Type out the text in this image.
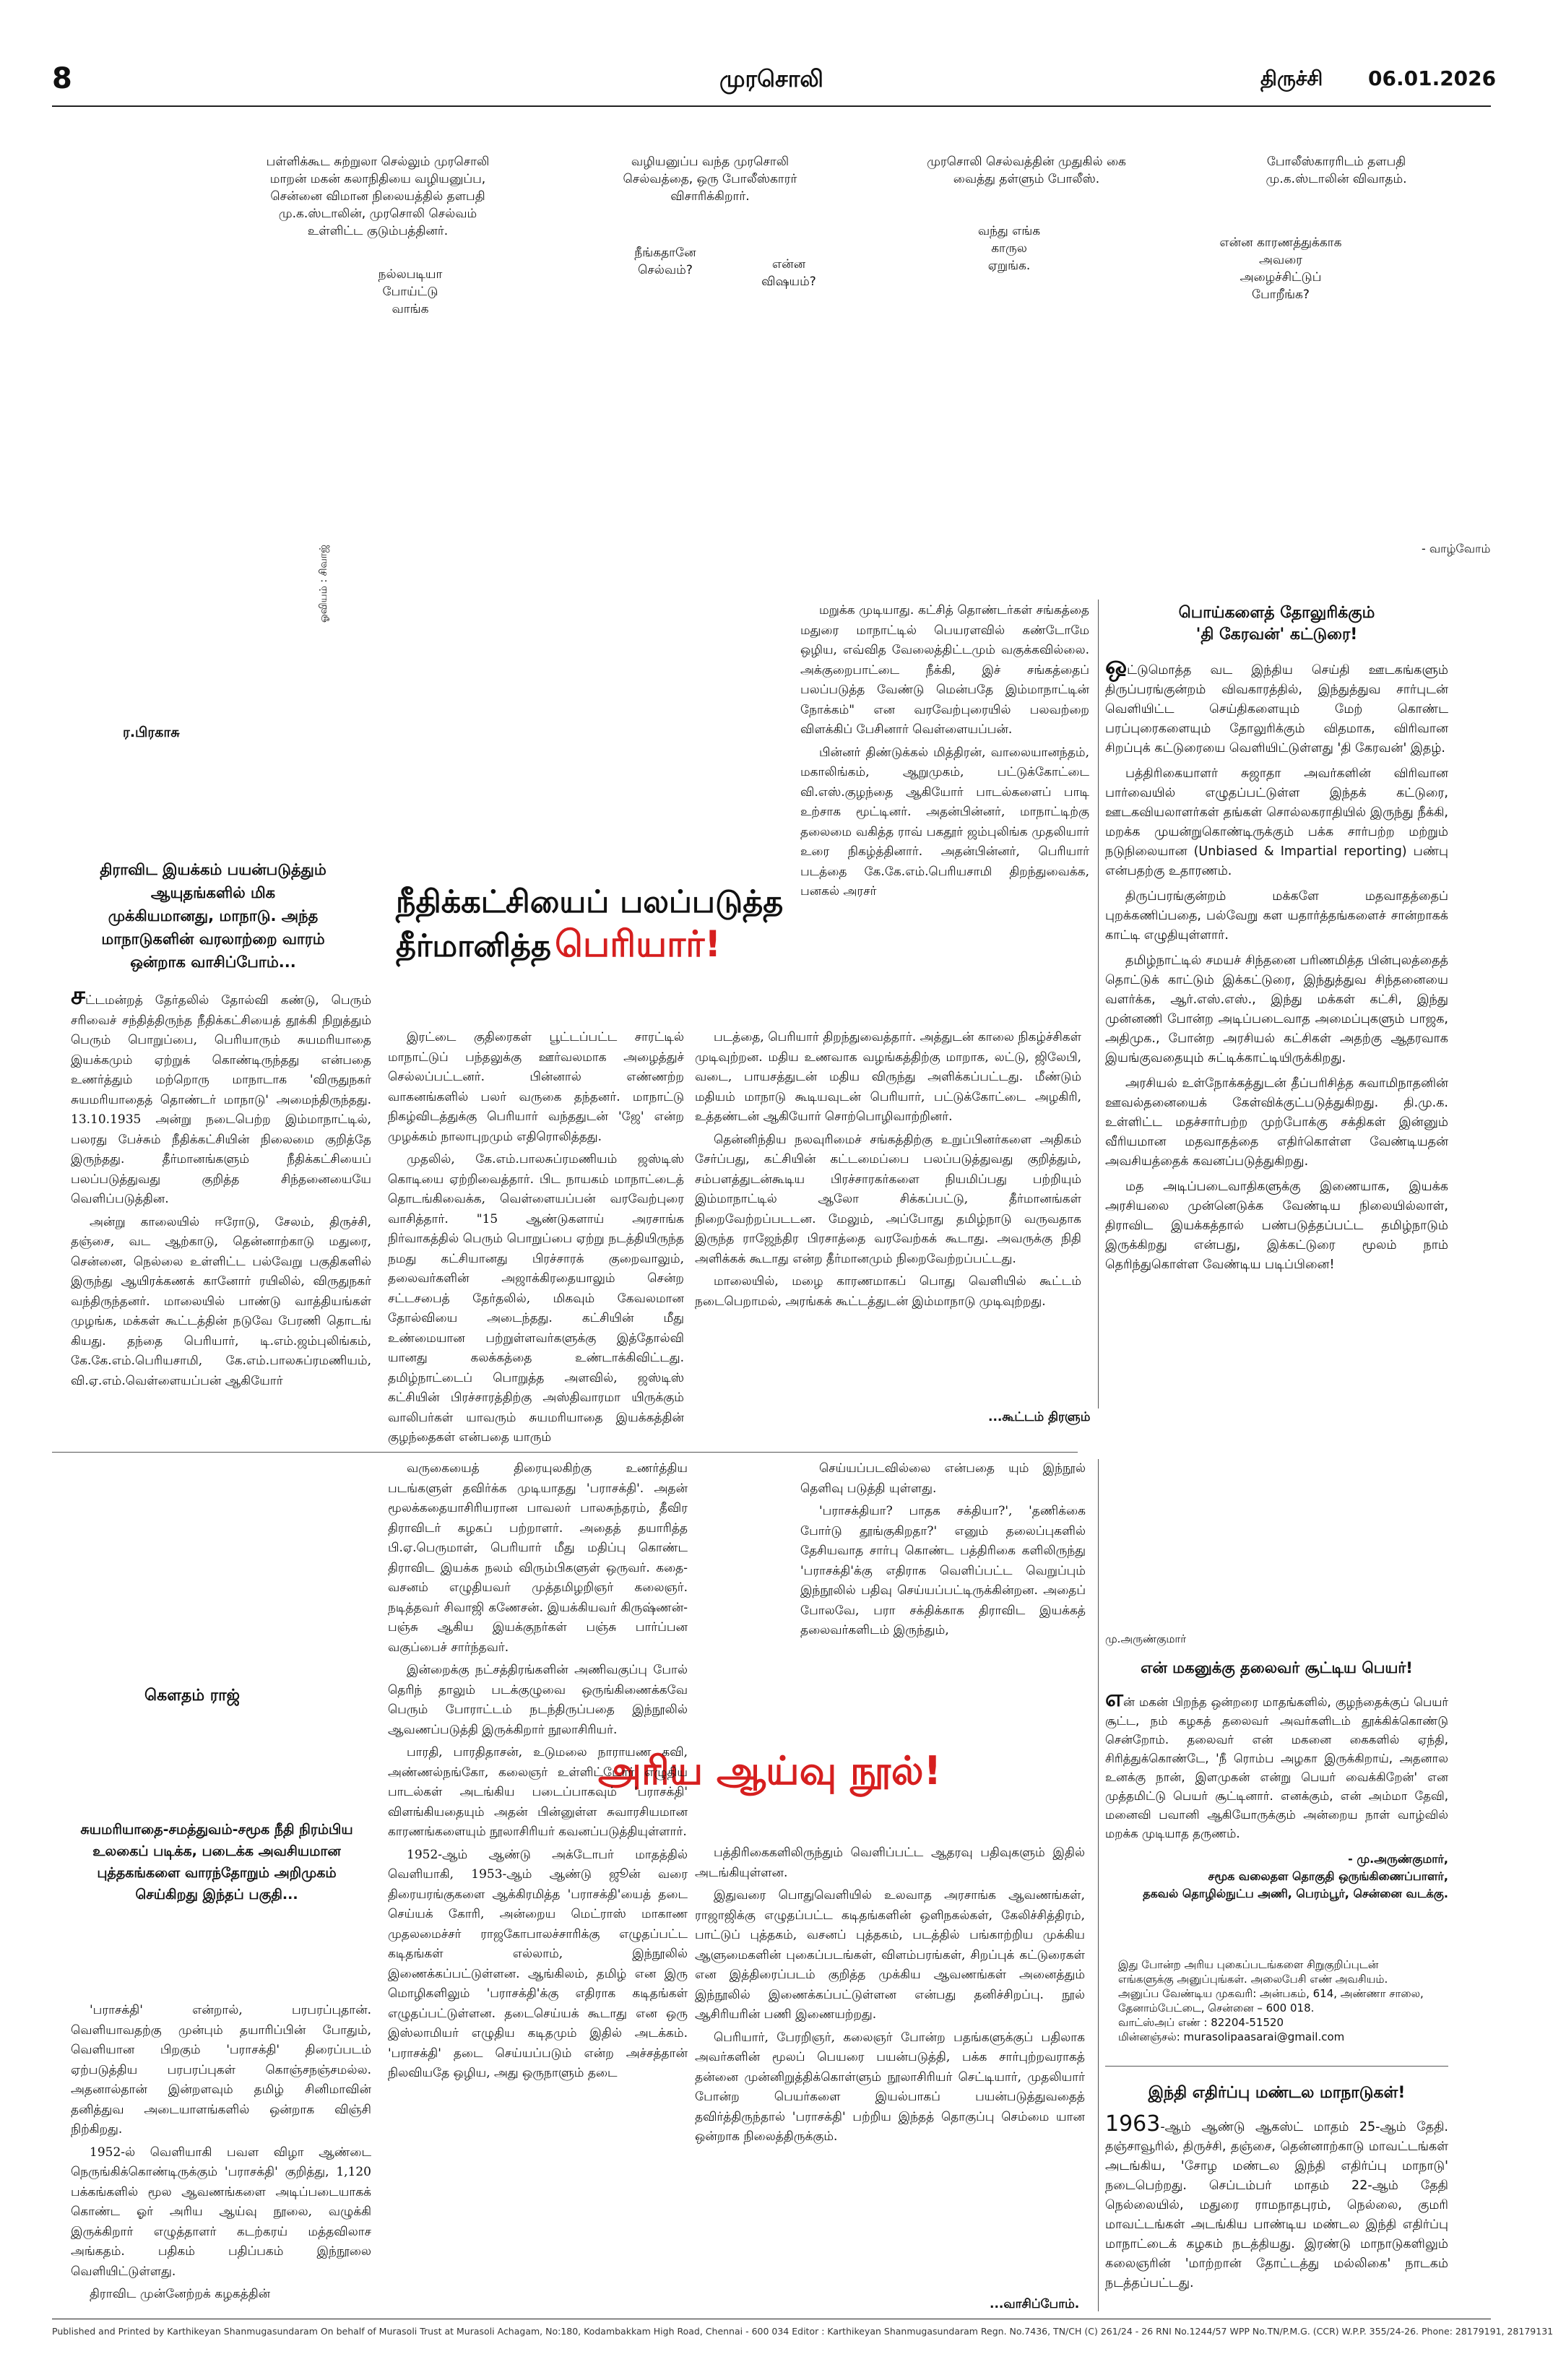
8	முரசொலி	திருச்சி 06.01.2026
பள்ளிக்கூட சுற்றுலா செல்லும் முரசொலி மாறன் மகன் கலாநிதியை வழியனுப்ப, சென்னை விமான நிலையத்தில் தளபதி மு.க.ஸ்டாலின், முரசொலி செல்வம் உள்ளிட்ட குடும்பத்தினர்.
நல்லபடியா போய்ட்டு வாங்க
வழியனுப்ப வந்த முரசொலி செல்வத்தை, ஒரு போலீஸ்காரர் விசாரிக்கிறார்.
நீங்கதானே செல்வம்?	என்ன விஷயம்?
முரசொலி செல்வத்தின் முதுகில் கை வைத்து தள்ளும் போலீஸ்.
வந்து எங்க காருல ஏறுங்க.
போலீஸ்காரரிடம் தளபதி மு.க.ஸ்டாலின் விவாதம்.
என்ன காரணத்துக்காக அவரை அழைச்சிட்டுப் போறீங்க?
- வாழ்வோம்
ஓவியம் : சிவாஜ்
ர.பிரகாசு
திராவிட இயக்கம் பயன்படுத்தும் ஆயுதங்களில் மிக முக்கியமானது, மாநாடு. அந்த மாநாடுகளின் வரலாற்றை வாரம் ஒன்றாக வாசிப்போம்...
நீதிக்கட்சியைப் பலப்படுத்த
தீர்மானித்த பெரியார்!

சட்டமன்றத் தேர்தலில் தோல்வி கண்டு, பெரும் சரிவைச் சந்தித்திருந்த நீதிக்கட்சியைத் தூக்கி நிறுத்தும் பெரும் பொறுப்பை, பெரியாரும் சுயமரியாதை இயக்கமும் ஏற்றுக் கொண்டிருந்தது என்பதை உணர்த்தும் மற்றொரு மாநாடாக 'விருதுநகர் சுயமரியாதைத் தொண்டர் மாநாடு' அமைந்திருந்தது. 13.10.1935 அன்று நடைபெற்ற இம்மாநாட்டில், பலரது பேச்சும் நீதிக்கட்சியின் நிலைமை குறித்தே இருந்தது. தீர்மானங்களும் நீதிக்கட்சியைப் பலப்படுத்துவது குறித்த சிந்தனையையே வெளிப்படுத்தின.

அன்று காலையில் ஈரோடு, சேலம், திருச்சி, தஞ்சை, வட ஆற்காடு, தென்னாற்காடு மதுரை, சென்னை, நெல்லை உள்ளிட்ட பல்வேறு பகுதிகளில் இருந்து ஆயிரக்கணக் கானோர் ரயிலில், விருதுநகர் வந்திருந்தனர். மாலையில் பாண்டு வாத்தியங்கள் முழங்க, மக்கள் கூட்டத்தின் நடுவே பேரணி தொடங் கியது. தந்தை பெரியார், டி.எம்.ஜம்புலிங்கம், கே.கே.எம்.பெரியசாமி, கே.எம்.பாலசுப்ரமணியம், வி.ஏ.எம்.வெள்ளையப்பன் ஆகியோர்

இரட்டை குதிரைகள் பூட்டப்பட்ட சாரட்டில் மாநாட்டுப் பந்தலுக்கு ஊர்வலமாக அழைத்துச் செல்லப்பட்டனர். பின்னால் எண்ணற்ற வாகனங்களில் பலர் வருகை தந்தனர். மாநாட்டு நிகழ்விடத்துக்கு பெரியார் வந்ததுடன் 'ஜே' என்ற முழக்கம் நாலாபுறமும் எதிரொலித்தது.

முதலில், கே.எம்.பாலசுப்ரமணியம் ஜஸ்டிஸ் கொடியை ஏற்றிவைத்தார். பிட நாயகம் மாநாட்டைத் தொடங்கிவைக்க, வெள்ளையப்பன் வரவேற்புரை வாசித்தார். "15 ஆண்டுகளாய் அரசாங்க நிர்வாகத்தில் பெரும் பொறுப்பை ஏற்று நடத்தியிருந்த நமது கட்சியானது பிரச்சாரக் குறைவாலும், தலைவர்களின் அஜாக்கிரதையாலும் சென்ற சட்டசபைத் தேர்தலில், மிகவும் கேவலமான தோல்வியை அடைந்தது. கட்சியின் மீது உண்மையான பற்றுள்ளவர்களுக்கு இத்தோல்வி யானது கலக்கத்தை உண்டாக்கிவிட்டது. தமிழ்நாட்டைப் பொறுத்த அளவில், ஜஸ்டிஸ் கட்சியின் பிரச்சாரத்திற்கு அஸ்திவாரமா யிருக்கும் வாலிபர்கள் யாவரும் சுயமரியாதை இயக்கத்தின் குழந்தைகள் என்பதை யாரும்

மறுக்க முடியாது. கட்சித் தொண்டர்கள் சங்கத்தை மதுரை மாநாட்டில் பெயரளவில் கண்டோமே ஒழிய, எவ்வித வேலைத்திட்டமும் வகுக்கவில்லை. அக்குறைபாட்டை நீக்கி, இச் சங்கத்தைப் பலப்படுத்த வேண்டு மென்பதே இம்மாநாட்டின் நோக்கம்" என வரவேற்புரையில் பலவற்றை விளக்கிப் பேசினார் வெள்ளையப்பன்.

பின்னர் திண்டுக்கல் மித்திரன், வாலையானந்தம், மகாலிங்கம், ஆறுமுகம், பட்டுக்கோட்டை வி.எஸ்.குழந்தை ஆகியோர் பாடல்களைப் பாடி உற்சாக மூட்டினர். அதன்பின்னர், மாநாட்டிற்கு தலைமை வகித்த ராவ் பகதூர் ஜம்புலிங்க முதலியார் உரை நிகழ்த்தினார். அதன்பின்னர், பெரியார் படத்தை கே.கே.எம்.பெரியசாமி திறந்துவைக்க, பனகல் அரசர்

படத்தை, பெரியார் திறந்துவைத்தார். அத்துடன் காலை நிகழ்ச்சிகள் முடிவுற்றன. மதிய உணவாக வழங்கத்திற்கு மாறாக, லட்டு, ஜிலேபி, வடை, பாயசத்துடன் மதிய விருந்து அளிக்கப்பட்டது. மீண்டும் மதியம் மாநாடு கூடியவுடன் பெரியார், பட்டுக்கோட்டை அழகிரி, உத்தண்டன் ஆகியோர் சொற்பொழிவாற்றினர்.

தென்னிந்திய நலவுரிமைச் சங்கத்திற்கு உறுப்பினர்களை அதிகம் சேர்ப்பது, கட்சியின் கட்டமைப்பை பலப்படுத்துவது குறித்தும், சம்பளத்துடன்கூடிய பிரச்சாரகர்களை நியமிப்பது பற்றியும் இம்மாநாட்டில் ஆலோ சிக்கப்பட்டு, தீர்மானங்கள் நிறைவேற்றப்படடன. மேலும், அப்போது தமிழ்நாடு வருவதாக இருந்த ராஜேந்திர பிரசாத்தை வரவேற்கக் கூடாது. அவருக்கு நிதி அளிக்கக் கூடாது என்ற தீர்மானமும் நிறைவேற்றப்பட்டது.

மாலையில், மழை காரணமாகப் பொது வெளியில் கூட்டம் நடைபெறாமல், அரங்கக் கூட்டத்துடன் இம்மாநாடு முடிவுற்றது.

...கூட்டம் திரளும்
பொய்களைத் தோலுரிக்கும்
'தி கேரவன்' கட்டுரை!

ஒட்டுமொத்த வட இந்திய செய்தி ஊடகங்களும் திருப்பரங்குன்றம் விவகாரத்தில், இந்துத்துவ சார்புடன் வெளியிட்ட செய்திகளையும் மேற் கொண்ட பரப்புரைகளையும் தோலுரிக்கும் விதமாக, விரிவான சிறப்புக் கட்டுரையை வெளியிட்டுள்ளது 'தி கேரவன்' இதழ்.

பத்திரிகையாளர் சுஜாதா அவர்களின் விரிவான பார்வையில் எழுதப்பட்டுள்ள இந்தக் கட்டுரை, ஊடகவியலாளர்கள் தங்கள் சொல்லகராதியில் இருந்து நீக்கி, மறக்க முயன்றுகொண்டிருக்கும் பக்க சார்பற்ற மற்றும் நடுநிலையான (Unbiased & Impartial reporting) பண்பு என்பதற்கு உதாரணம்.

திருப்பரங்குன்றம் மக்களே மதவாதத்தைப் புறக்கணிப்பதை, பல்வேறு கள யதார்த்தங்களைச் சான்றாகக் காட்டி எழுதியுள்ளார்.

தமிழ்நாட்டில் சமயச் சிந்தனை பரிணமித்த பின்புலத்தைத் தொட்டுக் காட்டும் இக்கட்டுரை, இந்துத்துவ சிந்தனையை வளர்க்க, ஆர்.எஸ்.எஸ்., இந்து மக்கள் கட்சி, இந்து முன்னணி போன்ற அடிப்படைவாத அமைப்புகளும் பாஜக, அதிமுக., போன்ற அரசியல் கட்சிகள் அதற்கு ஆதரவாக இயங்குவதையும் சுட்டிக்காட்டியிருக்கிறது.

அரசியல் உள்நோக்கத்துடன் தீப்பரிசித்த சுவாமிநாதனின் ஊவல்தனையைக் கேள்விக்குட்படுத்துகிறது. தி.மு.க. உள்ளிட்ட மதச்சார்பற்ற முற்போக்கு சக்திகள் இன்னும் வீரியமான மதவாதத்தை எதிர்கொள்ள வேண்டியதன் அவசியத்தைக் கவனப்படுத்துகிறது.

மத அடிப்படைவாதிகளுக்கு இணையாக, இயக்க அரசியலை முன்னெடுக்க வேண்டிய நிலையில்லாள், திராவிட இயக்கத்தால் பண்படுத்தப்பட்ட தமிழ்நாடும் இருக்கிறது என்பது, இக்கட்டுரை மூலம் நாம் தெரிந்துகொள்ள வேண்டிய படிப்பினை!

கௌதம் ராஜ்
சுயமரியாதை-சமத்துவம்-சமூக நீதி நிரம்பிய உலகைப் படிக்க, படைக்க அவசியமான புத்தகங்களை வாரந்தோறும் அறிமுகம் செய்கிறது இந்தப் பகுதி...
அரிய ஆய்வு நூல்!

'பராசக்தி' என்றால், பரபரப்புதான். வெளியாவதற்கு முன்பும் தயாரிப்பின் போதும், வெளியான பிறகும் 'பராசக்தி' திரைப்படம் ஏற்படுத்திய பரபரப்புகள் கொஞ்சநஞ்சமல்ல. அதனால்தான் இன்றளவும் தமிழ் சினிமாவின் தனித்துவ அடையாளங்களில் ஒன்றாக விஞ்சி நிற்கிறது.

1952-ல் வெளியாகி பவள விழா ஆண்டை நெருங்கிக்கொண்டிருக்கும் 'பராசக்தி' குறித்து, 1,120 பக்கங்களில் மூல ஆவணங்களை அடிப்படையாகக் கொண்ட ஓர் அரிய ஆய்வு நூலை, வழுக்கி இருக்கிறார் எழுத்தாளர் கடற்கரய் மத்தவிலாச அங்கதம். பதிகம் பதிப்பகம் இந்நூலை வெளியிட்டுள்ளது.

திராவிட முன்னேற்றக் கழகத்தின்

வருகையைத் திரையுலகிற்கு உணர்த்திய படங்களுள் தவிர்க்க முடியாதது 'பராசக்தி'. அதன் மூலக்கதையாசிரியரான பாவலர் பாலசுந்தரம், தீவிர திராவிடர் கழகப் பற்றாளர். அதைத் தயாரித்த பி.ஏ.பெருமாள், பெரியார் மீது மதிப்பு கொண்ட திராவிட இயக்க நலம் விரும்பிகளுள் ஒருவர். கதை-வசனம் எழுதியவர் முத்தமிழறிஞர் கலைஞர். நடித்தவர் சிவாஜி கணேசன். இயக்கியவர் கிருஷ்ணன்-பஞ்சு ஆகிய இயக்குநர்கள் பஞ்சு பார்ப்பன வகுப்பைச் சார்ந்தவர்.

இன்றைக்கு நட்சத்திரங்களின் அணிவகுப்பு போல் தெரிந் தாலும் படக்குழுவை ஒருங்கிணைக்கவே பெரும் போராட்டம் நடந்திருப்பதை இந்நூலில் ஆவணப்படுத்தி இருக்கிறார் நூலாசிரியர்.

பாரதி, பாரதிதாசன், உடுமலை நாராயண கவி, அண்ணல்நங்கோ, கலைஞர் உள்ளிட்டோர் எழுதிய பாடல்கள் அடங்கிய படைப்பாகவும் 'பராசக்தி' விளங்கியதையும் அதன் பின்னுள்ள சுவாரசியமான காரணங்களையும் நூலாசிரியர் கவனப்படுத்தியுள்ளார்.

1952-ஆம் ஆண்டு அக்டோபர் மாதத்தில் வெளியாகி, 1953-ஆம் ஆண்டு ஜூன் வரை திரையரங்குகளை ஆக்கிரமித்த 'பராசக்தி'யைத் தடை செய்யக் கோரி, அன்றைய மெட்ராஸ் மாகாண முதலமைச்சர் ராஜகோபாலச்சாரிக்கு எழுதப்பட்ட கடிதங்கள் எல்லாம், இந்நூலில் இணைக்கப்பட்டுள்ளன. ஆங்கிலம், தமிழ் என இரு மொழிகளிலும் 'பராசக்தி'க்கு எதிராக கடிதங்கள் எழுதப்பட்டுள்ளன. தடைசெய்யக் கூடாது என ஒரு இஸ்லாமியர் எழுதிய கடிதமும் இதில் அடக்கம். 'பராசக்தி' தடை செய்யப்படும் என்ற அச்சத்தான் நிலவியதே ஒழிய, அது ஒருநாளும் தடை

செய்யப்படவில்லை என்பதை யும் இந்நூல் தெளிவு படுத்தி யுள்ளது.

'பராசக்தியா? பாதக சக்தியா?', 'தணிக்கை போர்டு தூங்குகிறதா?' எனும் தலைப்புகளில் தேசியவாத சார்பு கொண்ட பத்திரிகை களிலிருந்து 'பராசக்தி'க்கு எதிராக வெளிப்பட்ட வெறுப்பும் இந்நூலில் பதிவு செய்யப்பட்டிருக்கின்றன. அதைப் போலவே, பரா சக்திக்காக திராவிட இயக்கத் தலைவர்களிடம் இருந்தும்,

பத்திரிகைகளிலிருந்தும் வெளிப்பட்ட ஆதரவு பதிவுகளும் இதில் அடங்கியுள்ளன.

இதுவரை பொதுவெளியில் உலவாத அரசாங்க ஆவணங்கள், ராஜாஜிக்கு எழுதப்பட்ட கடிதங்களின் ஒளிநகல்கள், கேலிச்சித்திரம், பாட்டுப் புத்தகம், வசனப் புத்தகம், படத்தில் பங்காற்றிய முக்கிய ஆளுமைகளின் புகைப்படங்கள், விளம்பரங்கள், சிறப்புக் கட்டுரைகள் என இத்திரைப்படம் குறித்த முக்கிய ஆவணங்கள் அனைத்தும் இந்நூலில் இணைக்கப்பட்டுள்ளன என்பது தனிச்சிறப்பு. நூல் ஆசிரியரின் பணி இணையற்றது.

பெரியார், பேரறிஞர், கலைஞர் போன்ற பதங்களுக்குப் பதிலாக அவர்களின் மூலப் பெயரை பயன்படுத்தி, பக்க சார்புற்றவராகத் தன்னை முன்னிறுத்திக்கொள்ளும் நூலாசிரியர் செட்டியார், முதலியார் போன்ற பெயர்களை இயல்பாகப் பயன்படுத்துவதைத் தவிர்த்திருந்தால் 'பராசக்தி' பற்றிய இந்தத் தொகுப்பு செம்மை யான ஒன்றாக நிலைத்திருக்கும்.

...வாசிப்போம்.
மு.அருண்குமார்
என் மகனுக்கு தலைவர் சூட்டிய பெயர்!

என் மகன் பிறந்த ஒன்றரை மாதங்களில், குழந்தைக்குப் பெயர் சூட்ட, நம் கழகத் தலைவர் அவர்களிடம் தூக்கிக்கொண்டு சென்றோம். தலைவர் என் மகனை கைகளில் ஏந்தி, சிரித்துக்கொண்டே, 'நீ ரொம்ப அழகா இருக்கிறாய், அதனால உனக்கு நான், இளமுகன் என்று பெயர் வைக்கிறேன்' என முத்தமிட்டு பெயர் சூட்டினார். எனக்கும், என் அம்மா தேவி, மனைவி பவானி ஆகியோருக்கும் அன்றைய நாள் வாழ்வில் மறக்க முடியாத தருணம்.

- மு.அருண்குமார்,
சமூக வலைதள தொகுதி ஒருங்கிணைப்பாளர்,
தகவல் தொழில்நுட்ப அணி, பெரம்பூர், சென்னை வடக்கு.
இது போன்ற அரிய புகைப்படங்களை சிறுகுறிப்புடன்
எங்களுக்கு அனுப்புங்கள். அலைபேசி எண் அவசியம்.
அனுப்ப வேண்டிய முகவரி: அன்பகம், 614, அண்ணா சாலை,
தேனாம்பேட்டை, சென்னை – 600 018.
வாட்ஸ்அப் எண் : 82204-51520
மின்னஞ்சல்: murasolipaasarai@gmail.com
இந்தி எதிர்ப்பு மண்டல மாநாடுகள்!
1963-ஆம் ஆண்டு ஆகஸ்ட் மாதம் 25-ஆம் தேதி. தஞ்சாவூரில், திருச்சி, தஞ்சை, தென்னாற்காடு மாவட்டங்கள் அடங்கிய, 'சோழ மண்டல இந்தி எதிர்ப்பு மாநாடு' நடைபெற்றது. செப்டம்பர் மாதம் 22-ஆம் தேதி நெல்லையில், மதுரை ராமநாதபுரம், நெல்லை, குமரி மாவட்டங்கள் அடங்கிய பாண்டிய மண்டல இந்தி எதிர்ப்பு மாநாட்டைக் கழகம் நடத்தியது. இரண்டு மாநாடுகளிலும் கலைஞரின் 'மாற்றான் தோட்டத்து மல்லிகை' நாடகம் நடத்தப்பட்டது.
Published and Printed by Karthikeyan Shanmugasundaram On behalf of Murasoli Trust at Murasoli Achagam, No:180, Kodambakkam High Road, Chennai - 600 034 Editor : Karthikeyan Shanmugasundaram Regn. No.7436, TN/CH (C) 261/24 - 26 RNI No.1244/57 WPP No.TN/P.M.G. (CCR) W.P.P. 355/24-26. Phone: 28179191, 28179131
